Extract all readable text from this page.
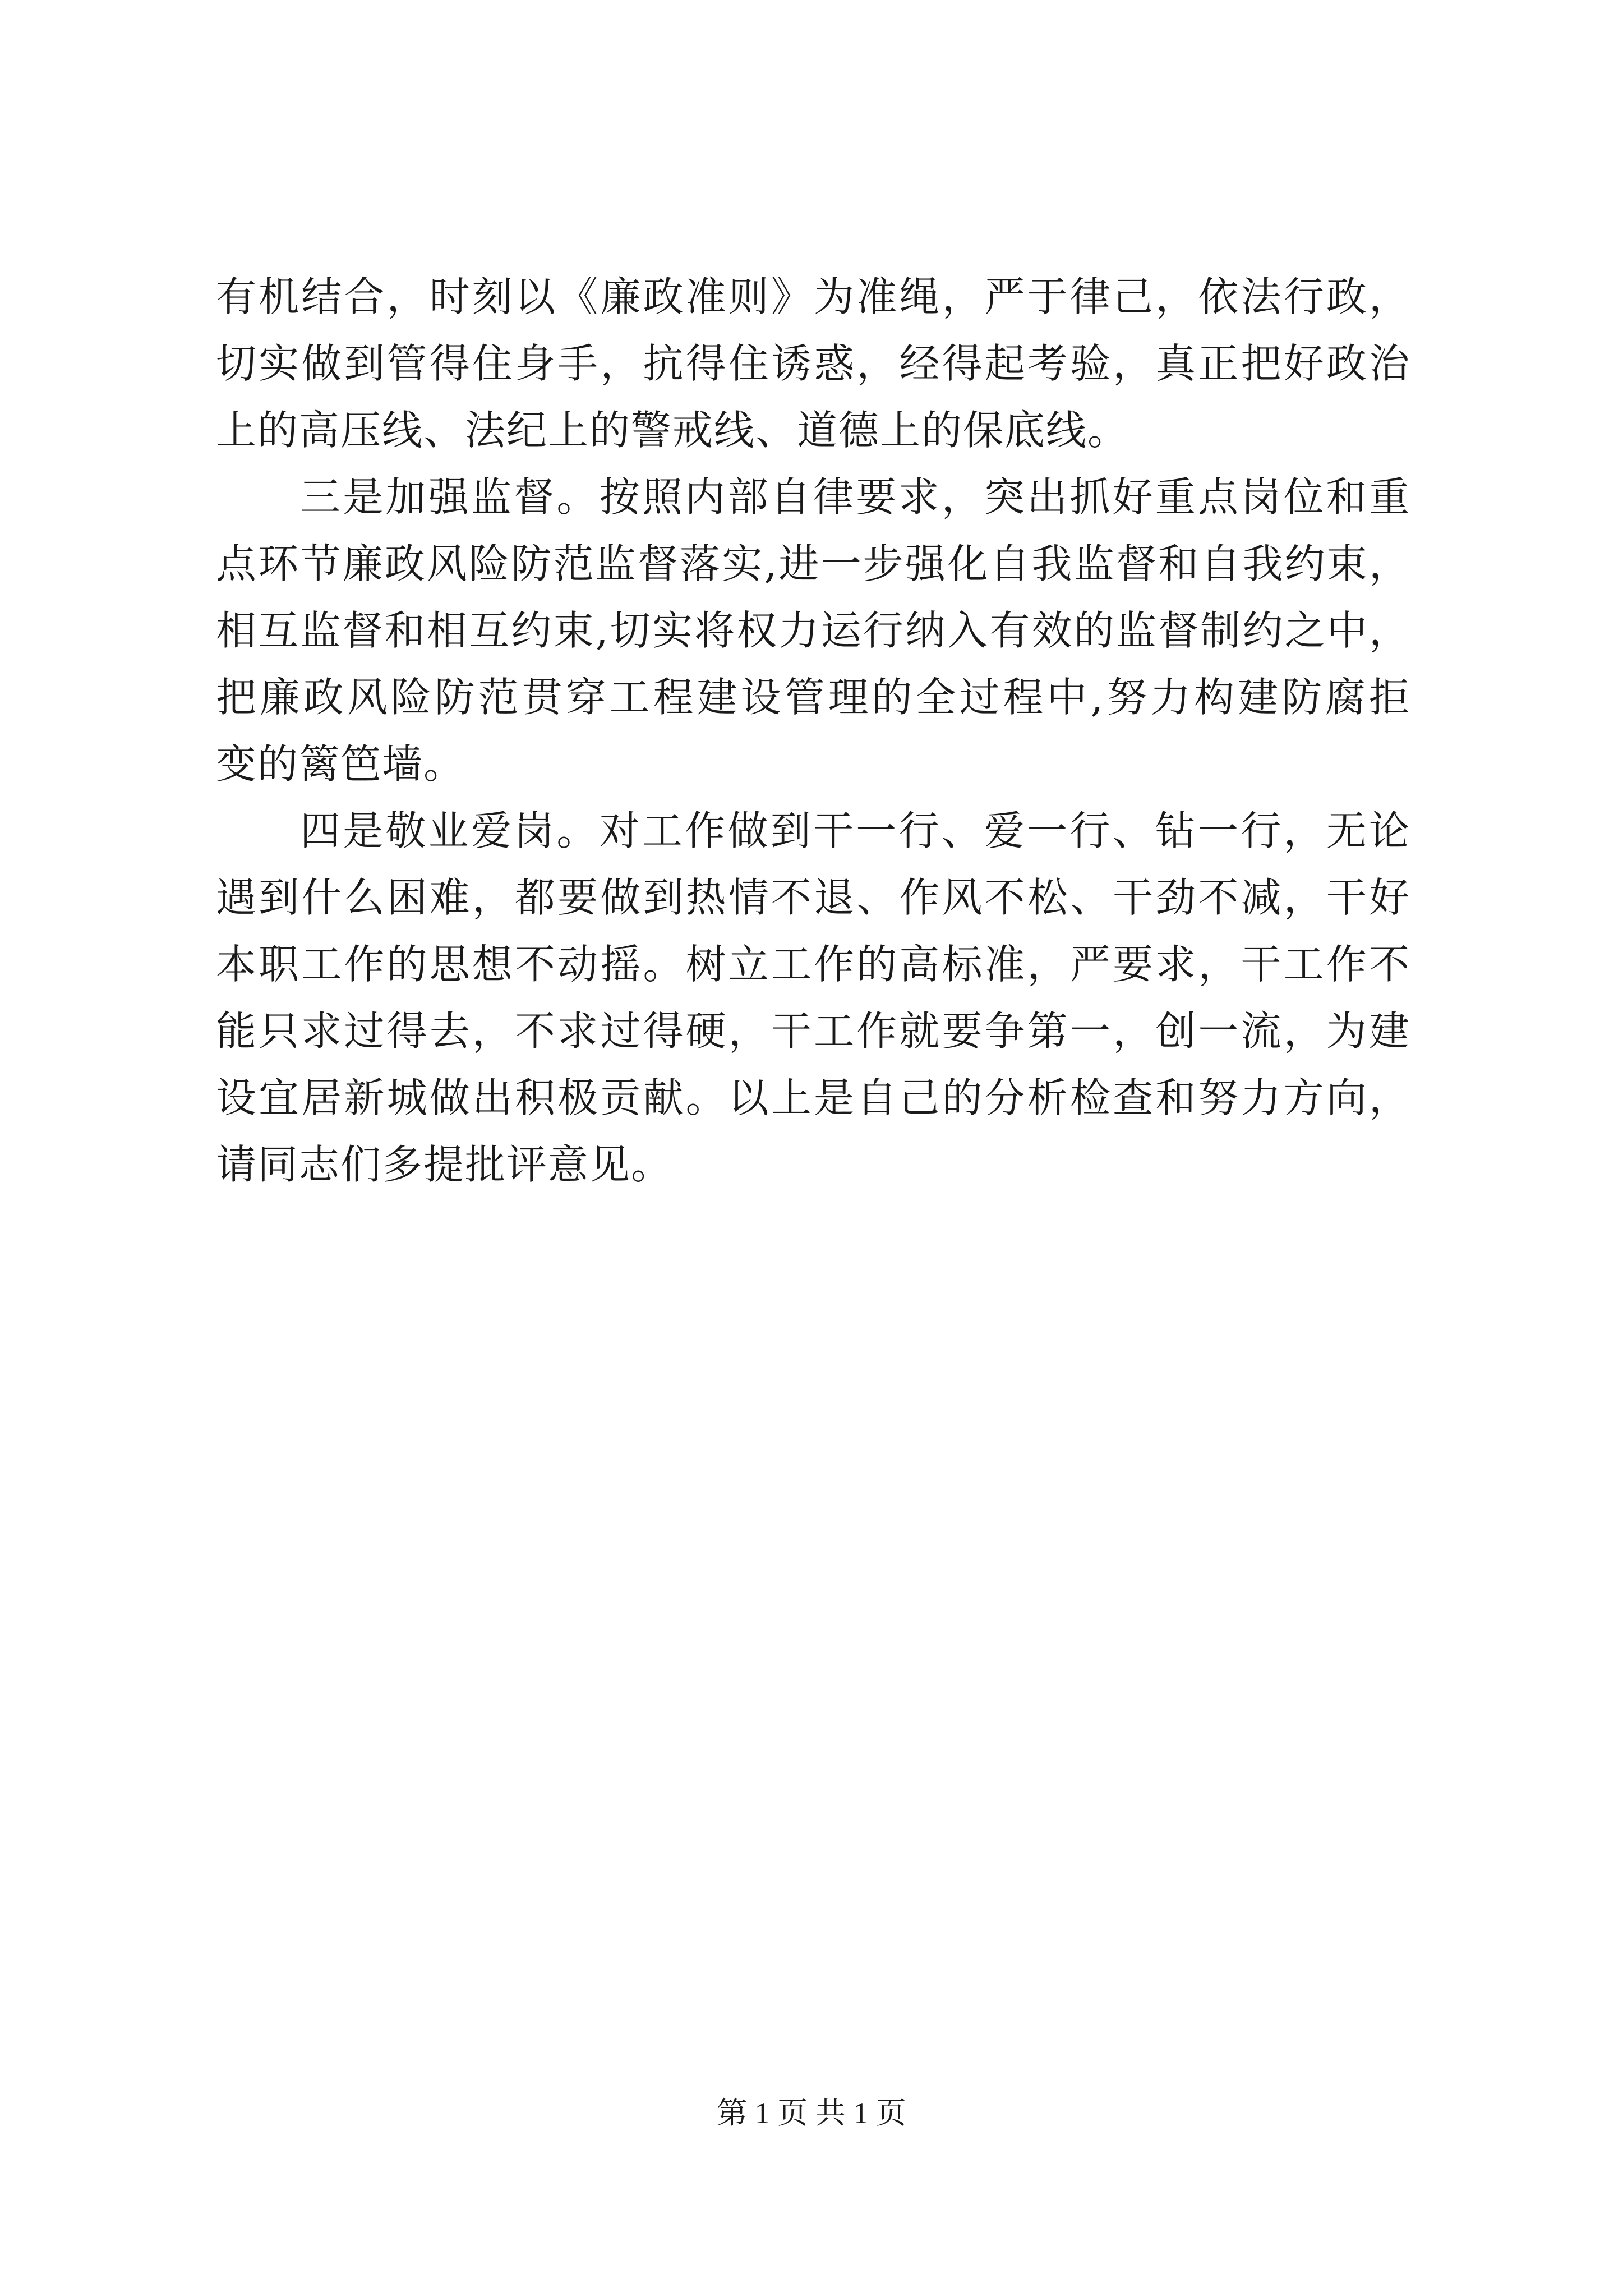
有机结合，时刻以《廉政准则》为准绳，严于律己，依法行政，
切实做到管得住身手，抗得住诱惑，经得起考验，真正把好政治
上的高压线、法纪上的警戒线、道德上的保底线。
三是加强监督。按照内部自律要求，突出抓好重点岗位和重
点环节廉政风险防范监督落实,进一步强化自我监督和自我约束，
相互监督和相互约束,切实将权力运行纳入有效的监督制约之中，
把廉政风险防范贯穿工程建设管理的全过程中,努力构建防腐拒
变的篱笆墙。
四是敬业爱岗。对工作做到干一行、爱一行、钻一行，无论
遇到什么困难，都要做到热情不退、作风不松、干劲不减，干好
本职工作的思想不动摇。树立工作的高标准，严要求，干工作不
能只求过得去，不求过得硬，干工作就要争第一，创一流，为建
设宜居新城做出积极贡献。以上是自己的分析检查和努力方向，
请同志们多提批评意见。
第 1 页 共 1 页
